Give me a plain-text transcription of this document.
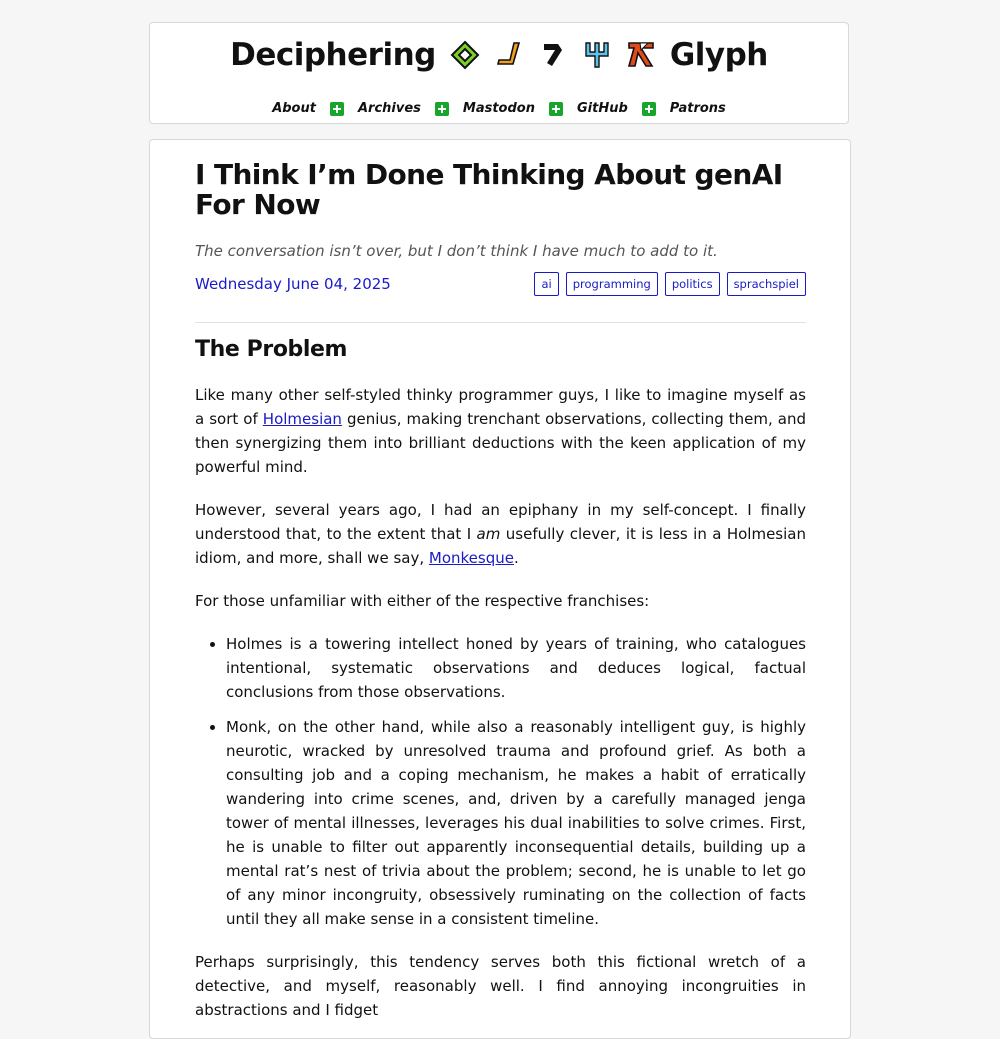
Deciphering	Glyph
About	Archives	Mastodon	GitHub	Patrons
I Think I’m Done Thinking About genAI For Now
The conversation isn’t over, but I don’t think I have much to add to it.
Wednesday June 04, 2025	ai	programming	politics	sprachspiel
The Problem

Like many other self-styled thinky programmer guys, I like to imagine myself as a sort of Holmesian genius, making trenchant observations, collecting them, and then synergizing them into brilliant deductions with the keen application of my powerful mind.

However, several years ago, I had an epiphany in my self-concept. I finally understood that, to the extent that I am usefully clever, it is less in a Holmesian idiom, and more, shall we say, Monkesque.

For those unfamiliar with either of the respective franchises:

• Holmes is a towering intellect honed by years of training, who catalogues intentional, systematic observations and deduces logical, factual conclusions from those observations.
• Monk, on the other hand, while also a reasonably intelligent guy, is highly neurotic, wracked by unresolved trauma and profound grief. As both a consulting job and a coping mechanism, he makes a habit of erratically wandering into crime scenes, and, driven by a carefully managed jenga tower of mental illnesses, leverages his dual inabilities to solve crimes. First, he is unable to filter out apparently inconsequential details, building up a mental rat’s nest of trivia about the problem; second, he is unable to let go of any minor incongruity, obsessively ruminating on the collection of facts until they all make sense in a consistent timeline.

Perhaps surprisingly, this tendency serves both this fictional wretch of a detective, and myself, reasonably well. I find annoying incongruities in abstractions and I fidget
